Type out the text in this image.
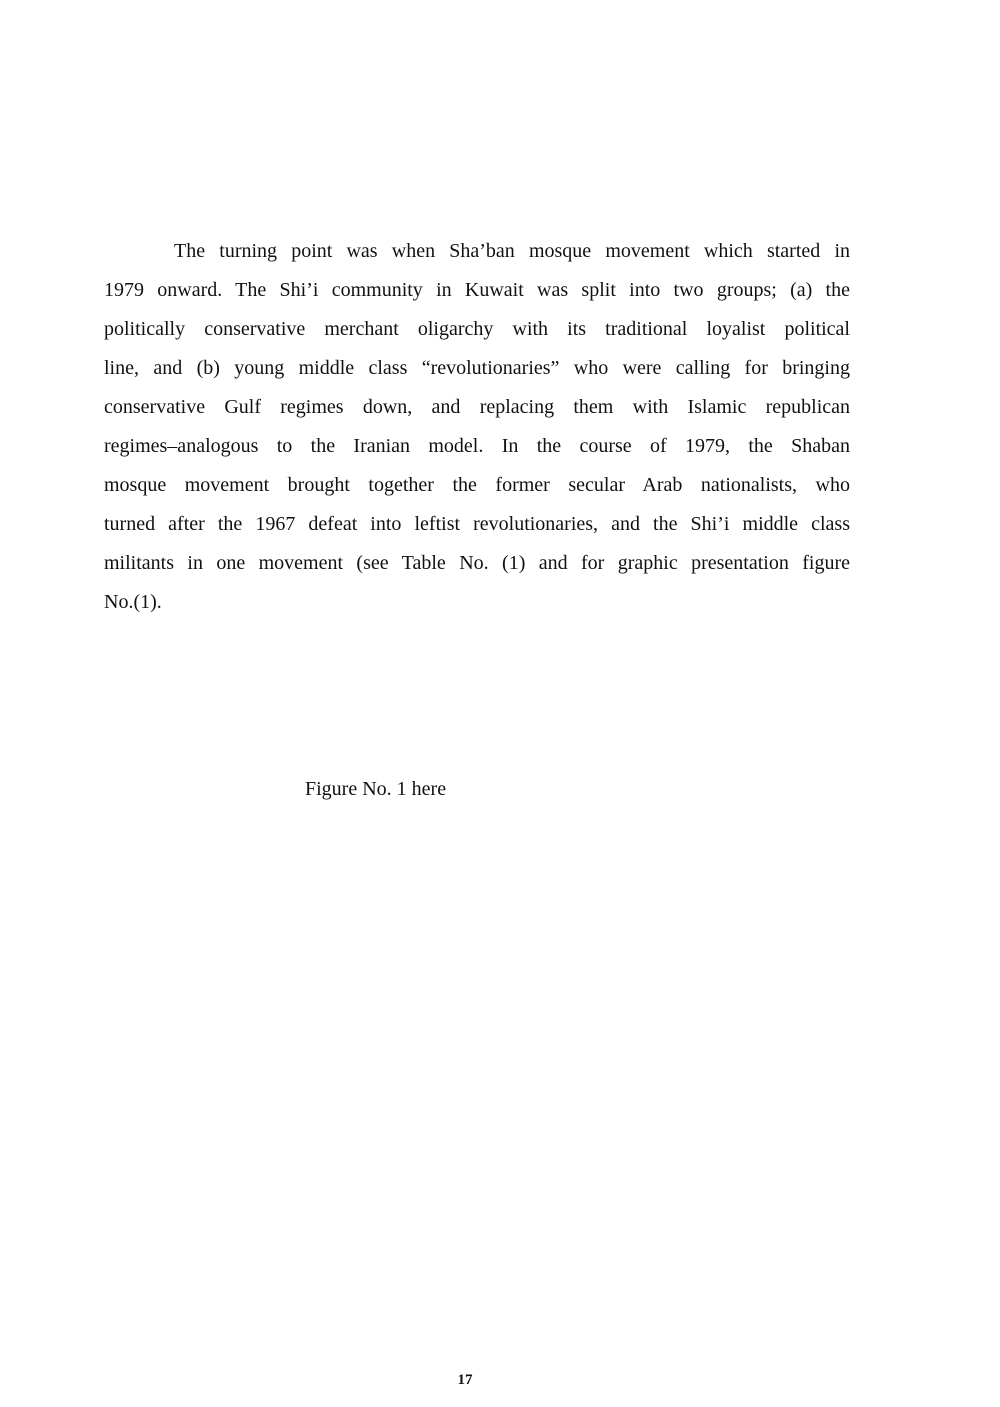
The turning point was when Sha’ban mosque movement which started in
1979 onward. The Shi’i community in Kuwait was split into two groups; (a) the
politically conservative merchant oligarchy with its traditional loyalist political
line, and (b) young middle class “revolutionaries” who were calling for bringing
conservative Gulf regimes down, and replacing them with Islamic republican
regimes–analogous to the Iranian model. In the course of 1979, the Shaban
mosque movement brought together the former secular Arab nationalists, who
turned after the 1967 defeat into leftist revolutionaries, and the Shi’i middle class
militants in one movement (see Table No. (1) and for graphic presentation figure
No.(1).
Figure No. 1 here
17
